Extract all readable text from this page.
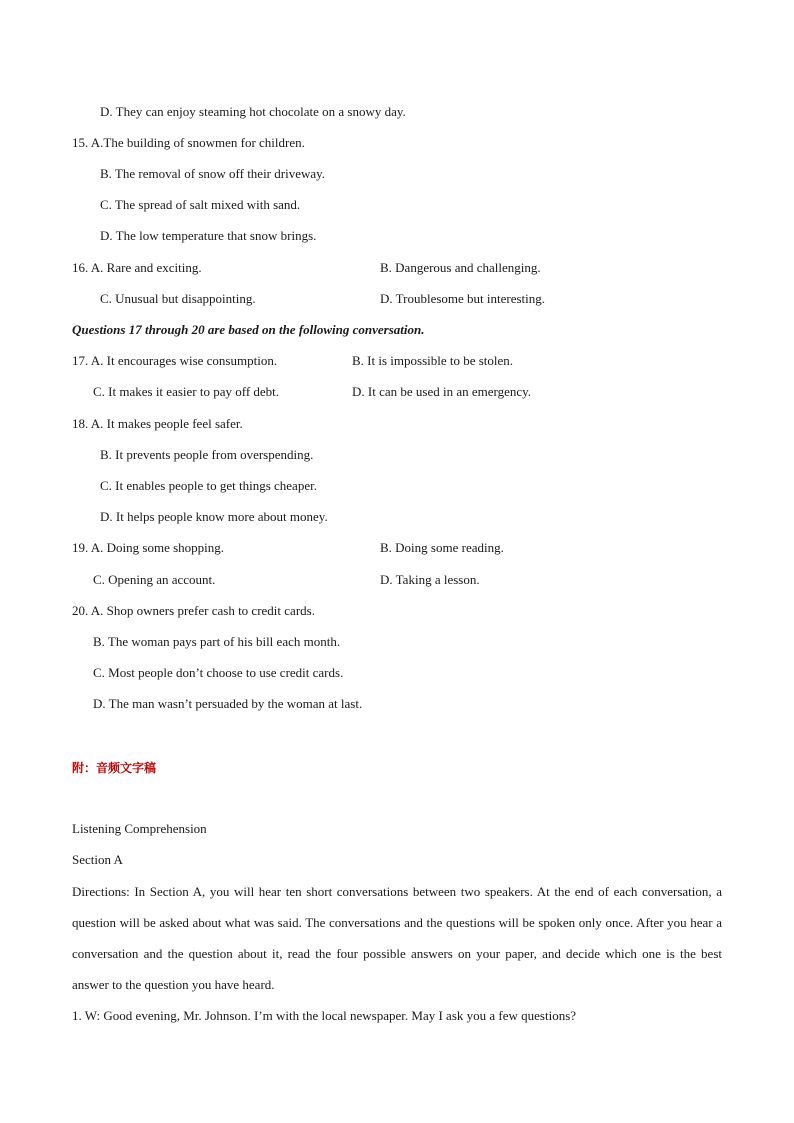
D. They can enjoy steaming hot chocolate on a snowy day.
15. A.The building of snowmen for children.
B. The removal of snow off their driveway.
C. The spread of salt mixed with sand.
D. The low temperature that snow brings.
16. A. Rare and exciting.	B. Dangerous and challenging.
C. Unusual but disappointing.	D. Troublesome but interesting.
Questions 17 through 20 are based on the following conversation.
17. A. It encourages wise consumption.	B. It is impossible to be stolen.
C. It makes it easier to pay off debt.	D. It can be used in an emergency.
18. A. It makes people feel safer.
B. It prevents people from overspending.
C. It enables people to get things cheaper.
D. It helps people know more about money.
19. A. Doing some shopping.	B. Doing some reading.
C. Opening an account.	D. Taking a lesson.
20. A. Shop owners prefer cash to credit cards.
B. The woman pays part of his bill each month.
C. Most people don’t choose to use credit cards.
D. The man wasn’t persuaded by the woman at last.
附：音频文字稿
Listening Comprehension
Section A
Directions: In Section A, you will hear ten short conversations between two speakers. At the end of each conversation, a question will be asked about what was said. The conversations and the questions will be spoken only once. After you hear a conversation and the question about it, read the four possible answers on your paper, and decide which one is the best answer to the question you have heard.
1. W: Good evening, Mr. Johnson. I’m with the local newspaper. May I ask you a few questions?
